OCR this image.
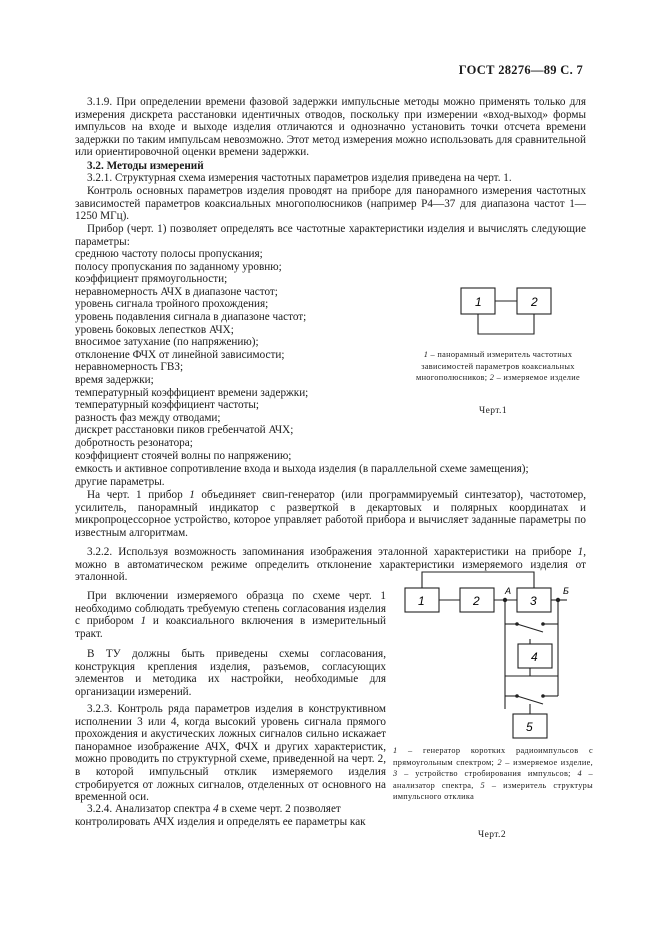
ГОСТ 28276—89 С. 7

3.1.9. При определении времени фазовой задержки импульсные методы можно применять только для измерения дискрета расстановки идентичных отводов, поскольку при измерении «вход-выход» формы импульсов на входе и выходе изделия отличаются и однозначно установить точки отсчета времени задержки по таким импульсам невозможно. Этот метод измерения можно использовать для сравнительной или ориентировочной оценки времени задержки.

3.2. Методы измерений

3.2.1. Структурная схема измерения частотных параметров изделия приведена на черт. 1.

Контроль основных параметров изделия проводят на приборе для панорамного измерения частотных зависимостей параметров коаксиальных многополюсников (например Р4—37 для диапазона частот 1—1250 МГц).

Прибор (черт. 1) позволяет определять все частотные характеристики изделия и вычислять следующие параметры:

среднюю частоту полосы пропускания;
полосу пропускания по заданному уровню;
коэффициент прямоугольности;
неравномерность АЧХ в диапазоне частот;
уровень сигнала тройного прохождения;
уровень подавления сигнала в диапазоне частот;
уровень боковых лепестков АЧХ;
вносимое затухание (по напряжению);
отклонение ФЧХ от линейной зависимости;
неравномерность ГВЗ;
время задержки;
температурный коэффициент времени задержки;
температурный коэффициент частоты;
разность фаз между отводами;
дискрет расстановки пиков гребенчатой АЧХ;
добротность резонатора;
коэффициент стоячей волны по напряжению;
емкость и активное сопротивление входа и выхода изделия (в параллельной схеме замещения);
другие параметры.

На черт. 1 прибор 1 объединяет свип-генератор (или программируемый синтезатор), частотомер, усилитель, панорамный индикатор с разверткой в декартовых и полярных координатах и микропроцессорное устройство, которое управляет работой прибора и вычисляет заданные параметры по известным алгоритмам.

3.2.2. Используя возможность запоминания изображения эталонной характеристики на приборе 1, можно в автоматическом режиме определить отклонение характеристики измеряемого изделия от эталонной.

При включении измеряемого образца по схеме черт. 1 необходимо соблюдать требуемую степень согласования изделия с прибором 1 и коаксиального включения в измерительный тракт.

В ТУ должны быть приведены схемы согласования, конструкция крепления изделия, разъемов, согласующих элементов и методика их настройки, необходимые для организации измерений.

3.2.3. Контроль ряда параметров изделия в конструктивном исполнении 3 или 4, когда высокий уровень сигнала прямого прохождения и акустических ложных сигналов сильно искажает панорамное изображение АЧХ, ФЧХ и других характеристик, можно проводить по структурной схеме, приведенной на черт. 2, в которой импульсный отклик измеряемого изделия стробируется от ложных сигналов, отделенных от основного на временной оси.

3.2.4. Анализатор спектра 4 в схеме черт. 2 позволяет контролировать АЧХ изделия и определять ее параметры как

1	2
1 – панорамный измеритель частотных зависимостей параметров коаксиальных многополюсников; 2 – измеряемое изделие
Черт.1
1	2	3
4
5
А	Б
1 – генератор коротких радиоимпульсов с прямоугольным спектром; 2 – измеряемое изделие, 3 – устройство стробирования импульсов; 4 – анализатор спектра, 5 – измеритель структуры импульсного отклика
Черт.2
